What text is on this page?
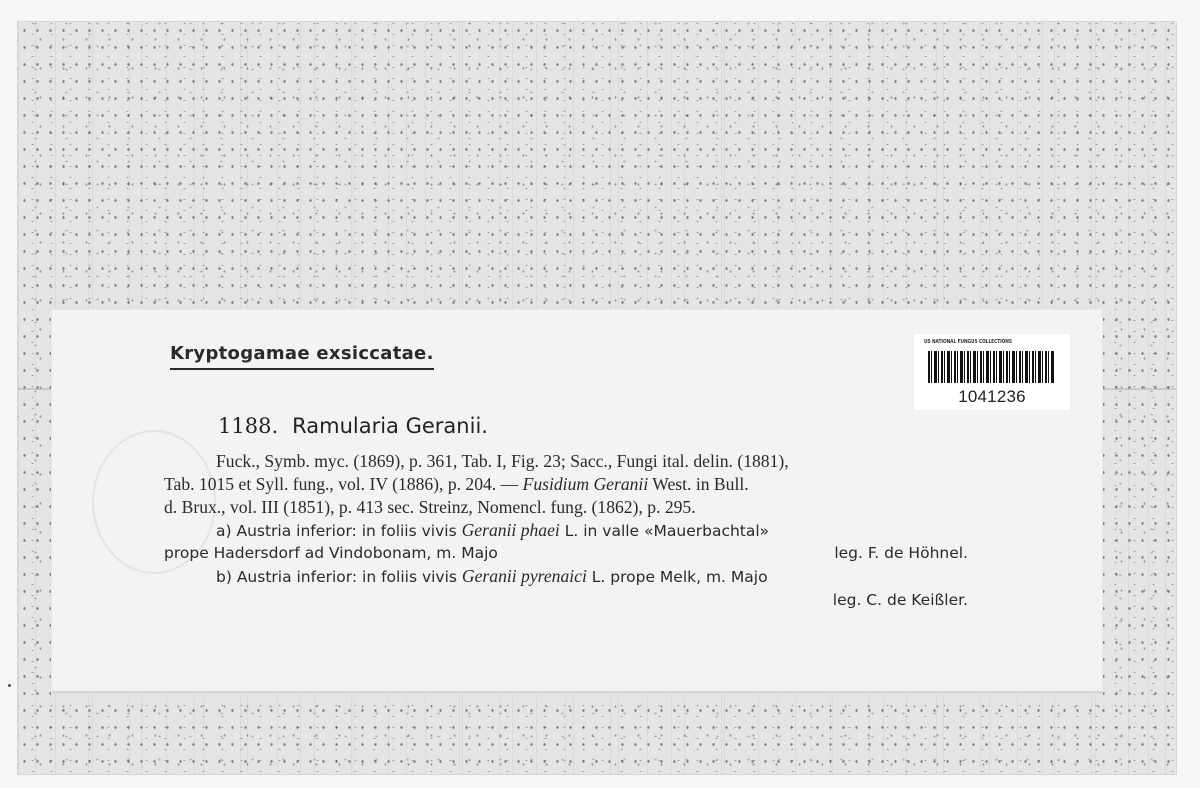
Kryptogamae exsiccatae.
US NATIONAL FUNGUS COLLECTIONS
1041236
1188. Ramularia Geranii.
Fuck., Symb. myc. (1869), p. 361, Tab. I, Fig. 23; Sacc., Fungi ital. delin. (1881),
Tab. 1015 et Syll. fung., vol. IV (1886), p. 204. — Fusidium Geranii West. in Bull.
d. Brux., vol. III (1851), p. 413 sec. Streinz, Nomencl. fung. (1862), p. 295.
a) Austria inferior: in foliis vivis Geranii phaei L. in valle «Mauerbachtal»
prope Hadersdorf ad Vindobonam, m. Majo	leg. F. de Höhnel.
b) Austria inferior: in foliis vivis Geranii pyrenaici L. prope Melk, m. Majo
leg. C. de Keißler.
